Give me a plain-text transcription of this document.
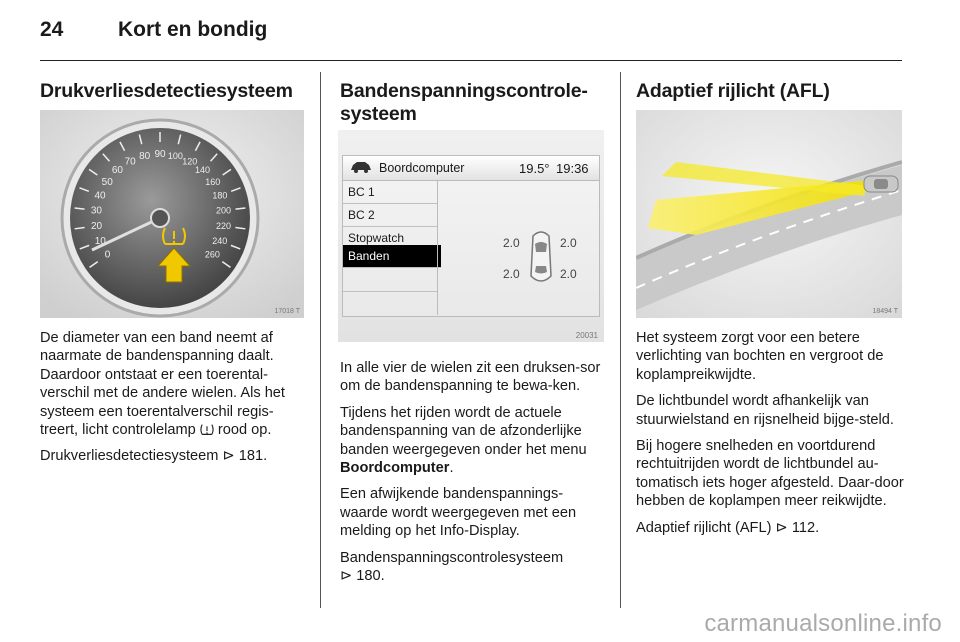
24	Kort en bondig
Drukverliesdetectiesysteem
0
10
20
30
40
50
60
70
80 90 100
120
140
160
180
200
220
240
260
17018 T

De diameter van een band neemt af naarmate de bandenspanning daalt. Daardoor ontstaat er een toerental-verschil met de andere wielen. Als het systeem een toerentalverschil regis-treert, licht controlelamp  rood op.

Drukverliesdetectiesysteem ⊳ 181.

Bandenspanningscontrole-
systeem
20031
Boordcomputer	19.5° 19:36
BC 1
BC 2
Stopwatch
Banden
2.0	2.0
2.0	2.0

In alle vier de wielen zit een druksen-sor om de bandenspanning te bewa-ken.

Tijdens het rijden wordt de actuele bandenspanning van de afzonderlijke banden weergegeven onder het menu Boordcomputer.

Een afwijkende bandenspannings-waarde wordt weergegeven met een melding op het Info-Display.

Bandenspanningscontrolesysteem
⊳ 180.

Adaptief rijlicht (AFL)
18494 T

Het systeem zorgt voor een betere verlichting van bochten en vergroot de koplampreikwijdte.

De lichtbundel wordt afhankelijk van stuurwielstand en rijsnelheid bijge-steld.

Bij hogere snelheden en voortdurend rechtuitrijden wordt de lichtbundel au-tomatisch iets hoger afgesteld. Daar-door hebben de koplampen meer reikwijdte.

Adaptief rijlicht (AFL) ⊳ 112.

carmanualsonline.info
